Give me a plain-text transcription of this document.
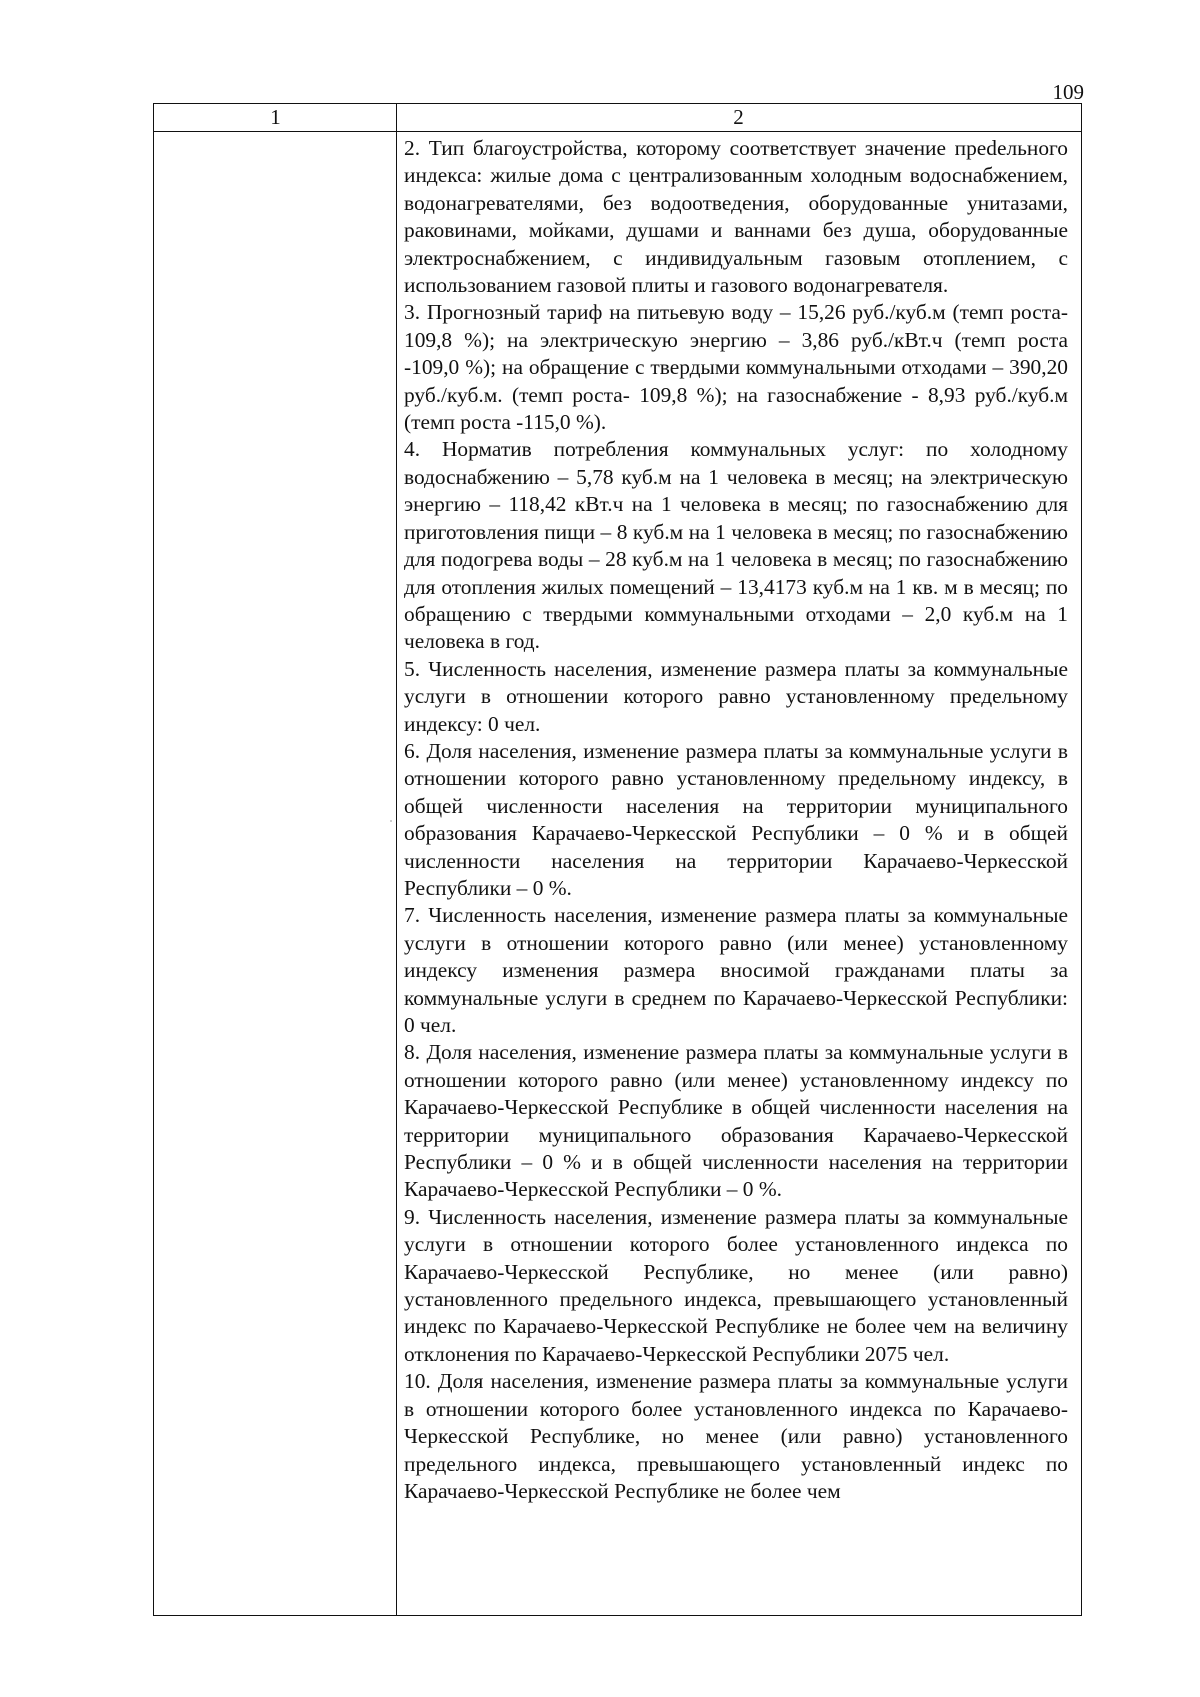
109
1	2

2. Тип благоустройства, которому соответствует значение преdельного индекса: жилые дома с централизованным холодным водоснабжением, водонагревателями, без водоотведения, оборудованные унитазами, раковинами, мойками, душами и ваннами без душа, оборудованные электроснабжением, с индивидуальным газовым отоплением, с использованием газовой плиты и газового водонагревателя.

3. Прогнозный тариф на питьевую воду – 15,26 руб./куб.м (темп роста- 109,8 %); на электрическую энергию – 3,86 руб./кВт.ч (темп роста -109,0 %); на обращение с твердыми коммунальными отходами – 390,20 руб./куб.м. (темп роста- 109,8 %); на газоснабжение - 8,93 руб./куб.м (темп роста -115,0 %).

4. Норматив потребления коммунальных услуг: по холодному водоснабжению – 5,78 куб.м на 1 человека в месяц; на электрическую энергию – 118,42 кВт.ч на 1 человека в месяц; по газоснабжению для приготовления пищи – 8 куб.м на 1 человека в месяц; по газоснабжению для подогрева воды – 28 куб.м на 1 человека в месяц; по газоснабжению для отопления жилых помещений – 13,4173 куб.м на 1 кв. м в месяц; по обращению с твердыми коммунальными отходами – 2,0 куб.м на 1 человека в год.

5. Численность населения, изменение размера платы за коммунальные услуги в отношении которого равно установленному предельному индексу: 0 чел.

6. Доля населения, изменение размера платы за коммунальные услуги в отношении которого равно установленному предельному индексу, в общей численности населения на территории муниципального образования Карачаево-Черкесской Республики – 0 % и в общей численности населения на территории Карачаево-Черкесской Республики – 0 %.

7. Численность населения, изменение размера платы за коммунальные услуги в отношении которого равно (или менее) установленному индексу изменения размера вносимой гражданами платы за коммунальные услуги в среднем по Карачаево-Черкесской Республики: 0 чел.

8. Доля населения, изменение размера платы за коммунальные услуги в отношении которого равно (или менее) установленному индексу по Карачаево-Черкесской Республике в общей численности населения на территории муниципального образования Карачаево-Черкесской Республики – 0 % и в общей численности населения на территории Карачаево-Черкесской Республики – 0 %.

9. Численность населения, изменение размера платы за коммунальные услуги в отношении которого более установленного индекса по Карачаево-Черкесской Республике, но менее (или равно) установленного предельного индекса, превышающего установленный индекс по Карачаево-Черкесской Республике не более чем на величину отклонения по Карачаево-Черкесской Республики 2075 чел.

10. Доля населения, изменение размера платы за коммунальные услуги в отношении которого более установленного индекса по Карачаево-Черкесской Республике, но менее (или равно) установленного предельного индекса, превышающего установленный индекс по Карачаево-Черкесской Республике не более чем
